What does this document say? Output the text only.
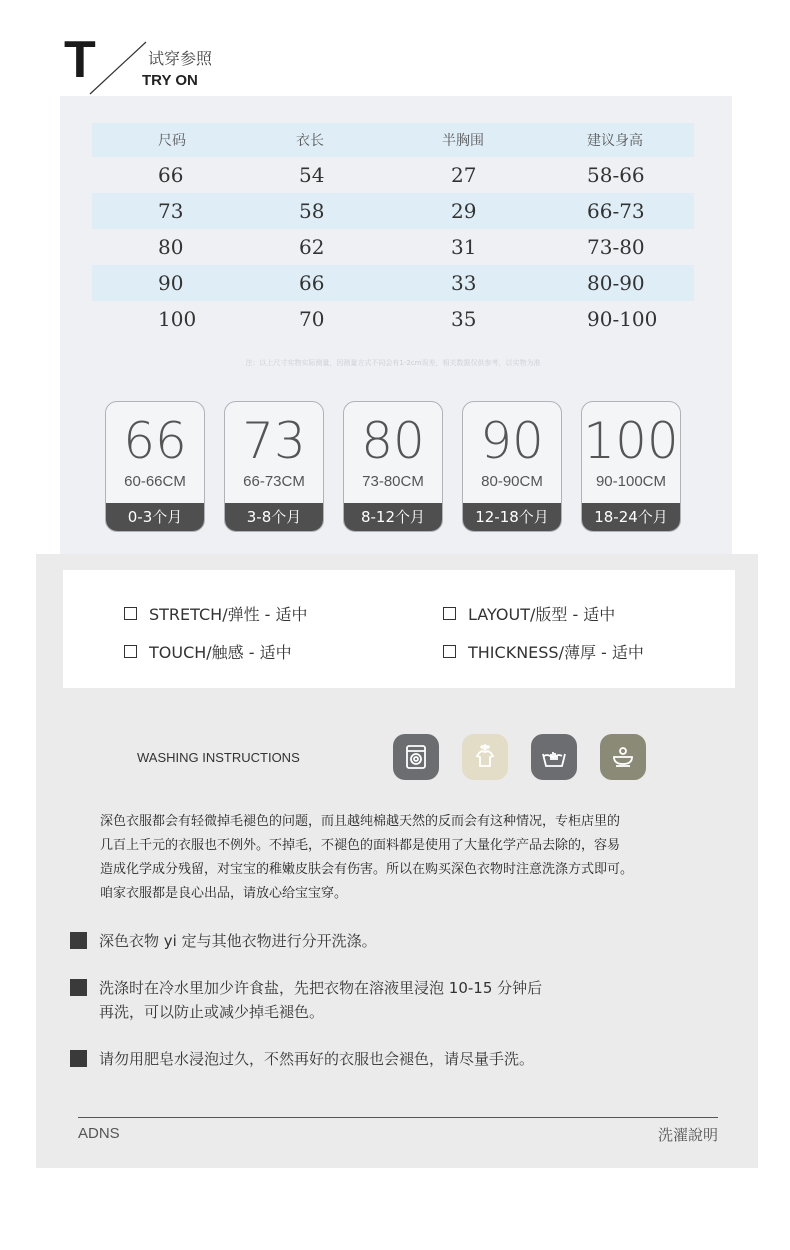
T	试穿参照
TRY ON
尺码	衣长	半胸围	建议身高
66	54	27	58-66
73	58	29	66-73
80	62	31	73-80
90	66	33	80-90
100	70	35	90-100
注：以上尺寸实物实际测量，因测量方式不同会有1-2cm误差，相关数据仅供参考，以实物为准
66
60-66CM
0-3个月
73
66-73CM
3-8个月
80
73-80CM
8-12个月
90
80-90CM
12-18个月
100
90-100CM
18-24个月
STRETCH/弹性 - 适中	LAYOUT/版型 - 适中
TOUCH/触感 - 适中	THICKNESS/薄厚 - 适中
WASHING INSTRUCTIONS
深色衣服都会有轻微掉毛褪色的问题，而且越纯棉越天然的反而会有这种情况，专柜店里的
几百上千元的衣服也不例外。不掉毛，不褪色的面料都是使用了大量化学产品去除的，容易
造成化学成分残留，对宝宝的稚嫩皮肤会有伤害。所以在购买深色衣物时注意洗涤方式即可。
咱家衣服都是良心出品，请放心给宝宝穿。
深色衣物 yi 定与其他衣物进行分开洗涤。
洗涤时在冷水里加少许食盐，先把衣物在溶液里浸泡 10-15 分钟后
再洗，可以防止或减少掉毛褪色。
请勿用肥皂水浸泡过久，不然再好的衣服也会褪色，请尽量手洗。
ADNS	洗濯說明
